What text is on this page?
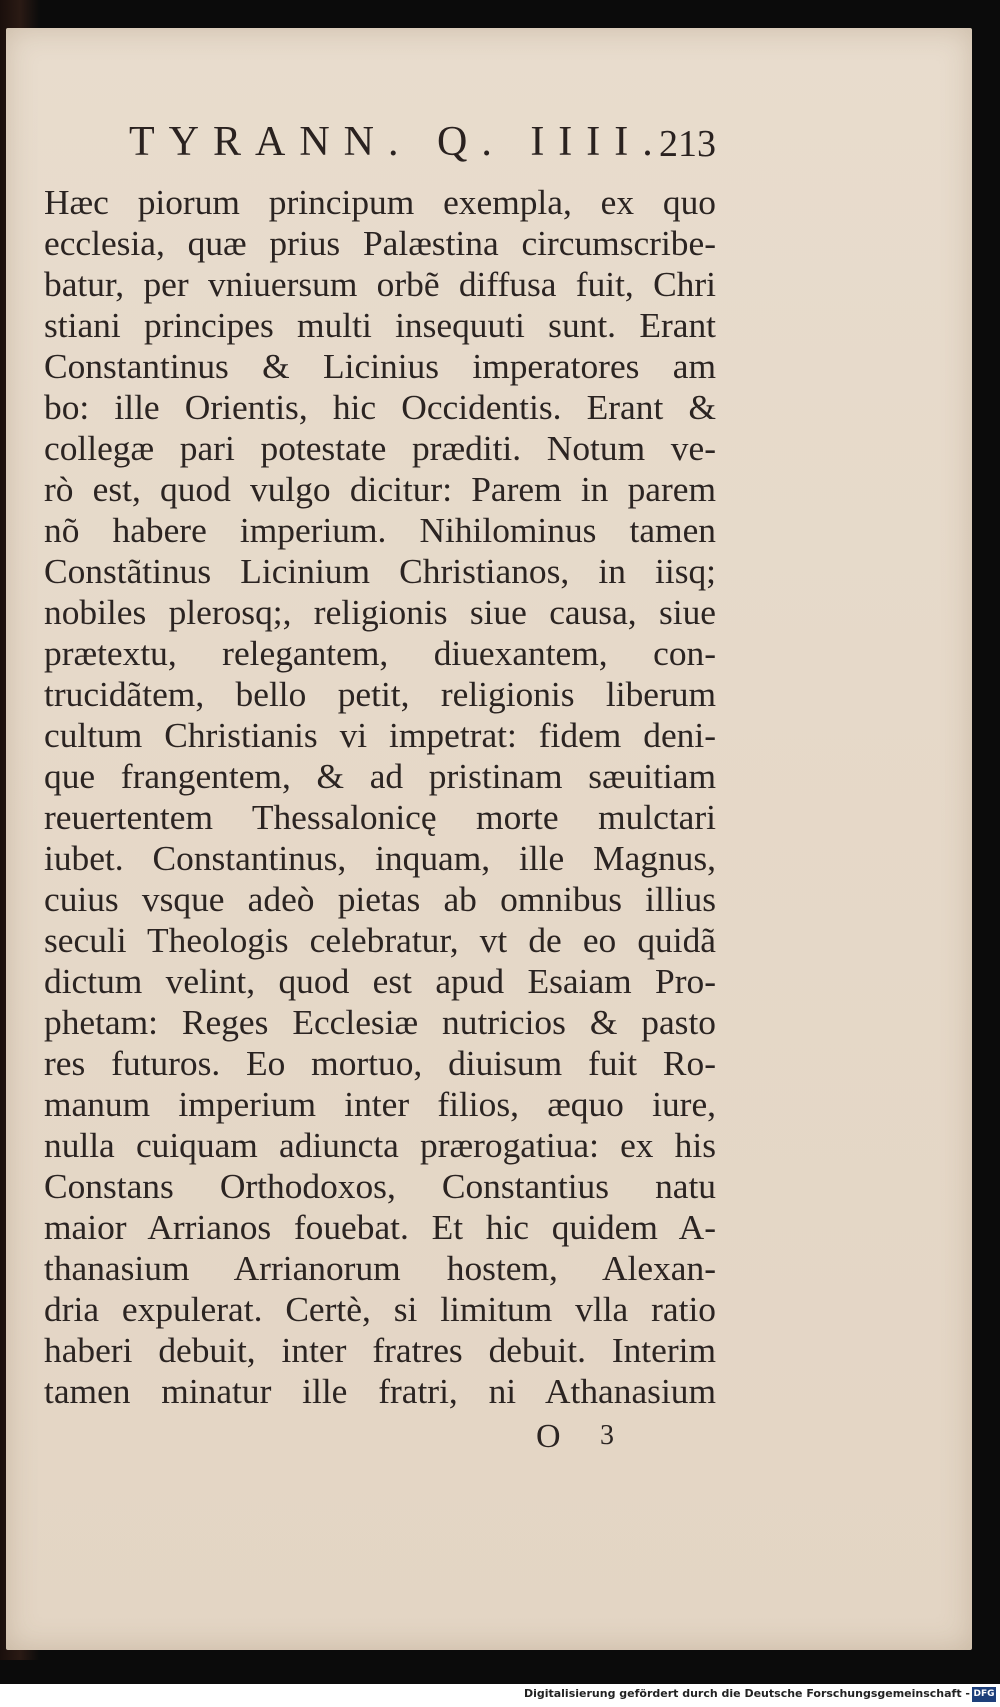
TYRANN. Q. IIII.
213
Hæc piorum principum exempla, ex quo
ecclesia, quæ prius Palæstina circumscribe-
batur, per vniuersum orbẽ diffusa fuit, Chri
stiani principes multi insequuti sunt. Erant
Constantinus & Licinius imperatores am
bo: ille Orientis, hic Occidentis. Erant &
collegæ pari potestate præditi. Notum ve-
rò est, quod vulgo dicitur: Parem in parem
nõ habere imperium. Nihilominus tamen
Constãtinus Licinium Christianos, in iisq;
nobiles plerosq;, religionis siue causa, siue
prætextu, relegantem, diuexantem, con-
trucidãtem, bello petit, religionis liberum
cultum Christianis vi impetrat: fidem deni-
que frangentem, & ad pristinam sæuitiam
reuertentem Thessalonicę morte mulctari
iubet. Constantinus, inquam, ille Magnus,
cuius vsque adeò pietas ab omnibus illius
seculi Theologis celebratur, vt de eo quidã
dictum velint, quod est apud Esaiam Pro-
phetam: Reges Ecclesiæ nutricios & pasto
res futuros. Eo mortuo, diuisum fuit Ro-
manum imperium inter filios, æquo iure,
nulla cuiquam adiuncta prærogatiua: ex his
Constans Orthodoxos, Constantius natu
maior Arrianos fouebat. Et hic quidem A-
thanasium Arrianorum hostem, Alexan-
dria expulerat. Certè, si limitum vlla ratio
haberi debuit, inter fratres debuit. Interim
tamen minatur ille fratri, ni Athanasium
O 3
Digitalisierung gefördert durch die Deutsche Forschungsgemeinschaft - DFG
